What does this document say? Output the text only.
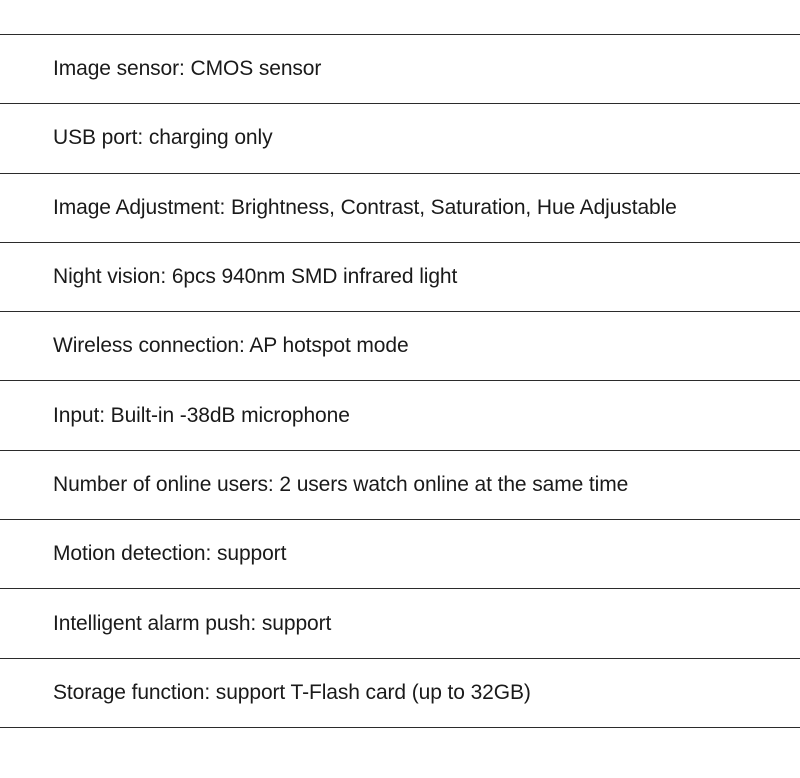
Image sensor: CMOS sensor
USB port: charging only
Image Adjustment: Brightness, Contrast, Saturation, Hue Adjustable
Night vision: 6pcs 940nm SMD infrared light
Wireless connection: AP hotspot mode
Input: Built-in -38dB microphone
Number of online users: 2 users watch online at the same time
Motion detection: support
Intelligent alarm push: support
Storage function: support T-Flash card (up to 32GB)
